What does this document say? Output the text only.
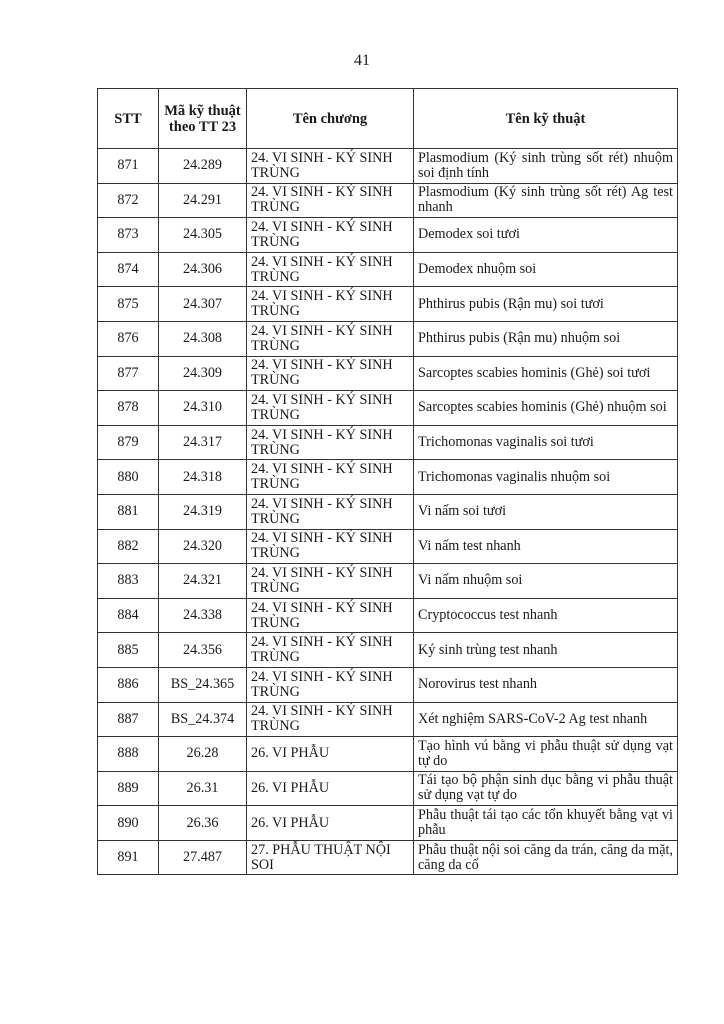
41
STT	Mã kỹ thuật theo TT 23	Tên chương	Tên kỹ thuật
871	24.289	24. VI SINH - KÝ SINH TRÙNG	Plasmodium (Ký sinh trùng sốt rét) nhuộm soi định tính
872	24.291	24. VI SINH - KÝ SINH TRÙNG	Plasmodium (Ký sinh trùng sốt rét) Ag test nhanh
873	24.305	24. VI SINH - KÝ SINH TRÙNG	Demodex soi tươi
874	24.306	24. VI SINH - KÝ SINH TRÙNG	Demodex nhuộm soi
875	24.307	24. VI SINH - KÝ SINH TRÙNG	Phthirus pubis (Rận mu) soi tươi
876	24.308	24. VI SINH - KÝ SINH TRÙNG	Phthirus pubis (Rận mu) nhuộm soi
877	24.309	24. VI SINH - KÝ SINH TRÙNG	Sarcoptes scabies hominis (Ghẻ) soi tươi
878	24.310	24. VI SINH - KÝ SINH TRÙNG	Sarcoptes scabies hominis (Ghẻ) nhuộm soi
879	24.317	24. VI SINH - KÝ SINH TRÙNG	Trichomonas vaginalis soi tươi
880	24.318	24. VI SINH - KÝ SINH TRÙNG	Trichomonas vaginalis nhuộm soi
881	24.319	24. VI SINH - KÝ SINH TRÙNG	Vi nấm soi tươi
882	24.320	24. VI SINH - KÝ SINH TRÙNG	Vi nấm test nhanh
883	24.321	24. VI SINH - KÝ SINH TRÙNG	Vi nấm nhuộm soi
884	24.338	24. VI SINH - KÝ SINH TRÙNG	Cryptococcus test nhanh
885	24.356	24. VI SINH - KÝ SINH TRÙNG	Ký sinh trùng test nhanh
886	BS_24.365	24. VI SINH - KÝ SINH TRÙNG	Norovirus test nhanh
887	BS_24.374	24. VI SINH - KÝ SINH TRÙNG	Xét nghiệm SARS-CoV-2 Ag test nhanh
888	26.28	26. VI PHẪU	Tạo hình vú bằng vi phẫu thuật sử dụng vạt tự do
889	26.31	26. VI PHẪU	Tái tạo bộ phận sinh dục bằng vi phẫu thuật sử dụng vạt tự do
890	26.36	26. VI PHẪU	Phẫu thuật tái tạo các tổn khuyết bằng vạt vi phẫu
891	27.487	27. PHẪU THUẬT NỘI SOI	Phẫu thuật nội soi căng da trán, căng da mặt, căng da cổ
